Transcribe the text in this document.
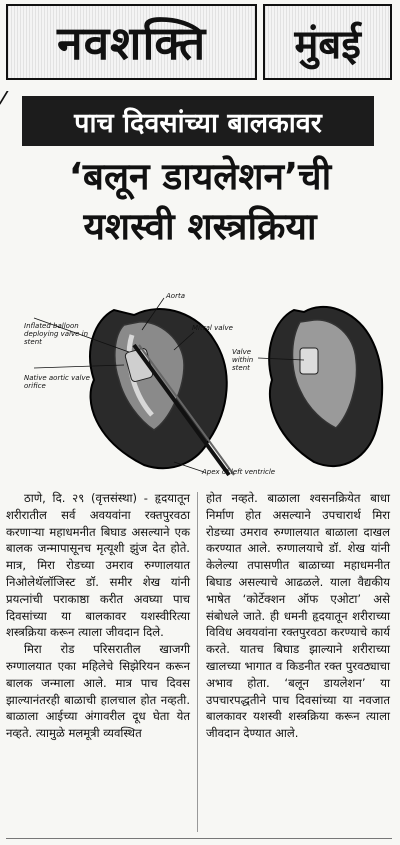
नवशक्ति	मुंबई
⁄
पाच दिवसांच्या बालकावर
‘बलून डायलेशन’ची
यशस्वी शस्त्रक्रिया
Aorta
Inflated balloon deploying valve in stent
Mitral valve
Native aortic valve orifice
Valve within stent
Apex of left ventricle

ठाणे, दि. २९ (वृत्तसंस्था) - हृदयातून शरीरातील सर्व अवयवांना रक्तपुरवठा करणाऱ्या महाधमनीत बिघाड असल्याने एक बालक जन्मापासूनच मृत्यूशी झुंज देत होते. मात्र, मिरा रोडच्या उमराव रुग्णालयात निओलेथॅलॉजिस्ट डॉ. समीर शेख यांनी प्रयत्नांची पराकाष्ठा करीत अवघ्या पाच दिवसांच्या या बालकावर यशस्वीरित्या शस्त्रक्रिया करून त्याला जीवदान दिले.

मिरा रोड परिसरातील खाजगी रुग्णालयात एका महिलेचे सिझेरियन करून बालक जन्माला आले. मात्र पाच दिवस झाल्यानंतरही बाळाची हालचाल होत नव्हती. बाळाला आईच्या अंगावरील दूध घेता येत नव्हते. त्यामुळे मलमूत्री व्यवस्थित

होत नव्हते. बाळाला श्वसनक्रियेत बाधा निर्माण होत असल्याने उपचारार्थ मिरा रोडच्या उमराव रुग्णालयात बाळाला दाखल करण्यात आले. रुग्णालयाचे डॉ. शेख यांनी केलेल्या तपासणीत बाळाच्या महाधमनीत बिघाड असल्याचे आढळले. याला वैद्यकीय भाषेत ‘कोर्टेक्शन ऑफ एओटा’ असे संबोधले जाते. ही धमनी हृदयातून शरीराच्या विविध अवयवांना रक्तपुरवठा करण्याचे कार्य करते. यातच बिघाड झाल्याने शरीराच्या खालच्या भागात व किडनीत रक्त पुरवठ्याचा अभाव होता. ‘बलून डायलेशन’ या उपचारपद्धतीने पाच दिवसांच्या या नवजात बालकावर यशस्वी शस्त्रक्रिया करून त्याला जीवदान देण्यात आले.
